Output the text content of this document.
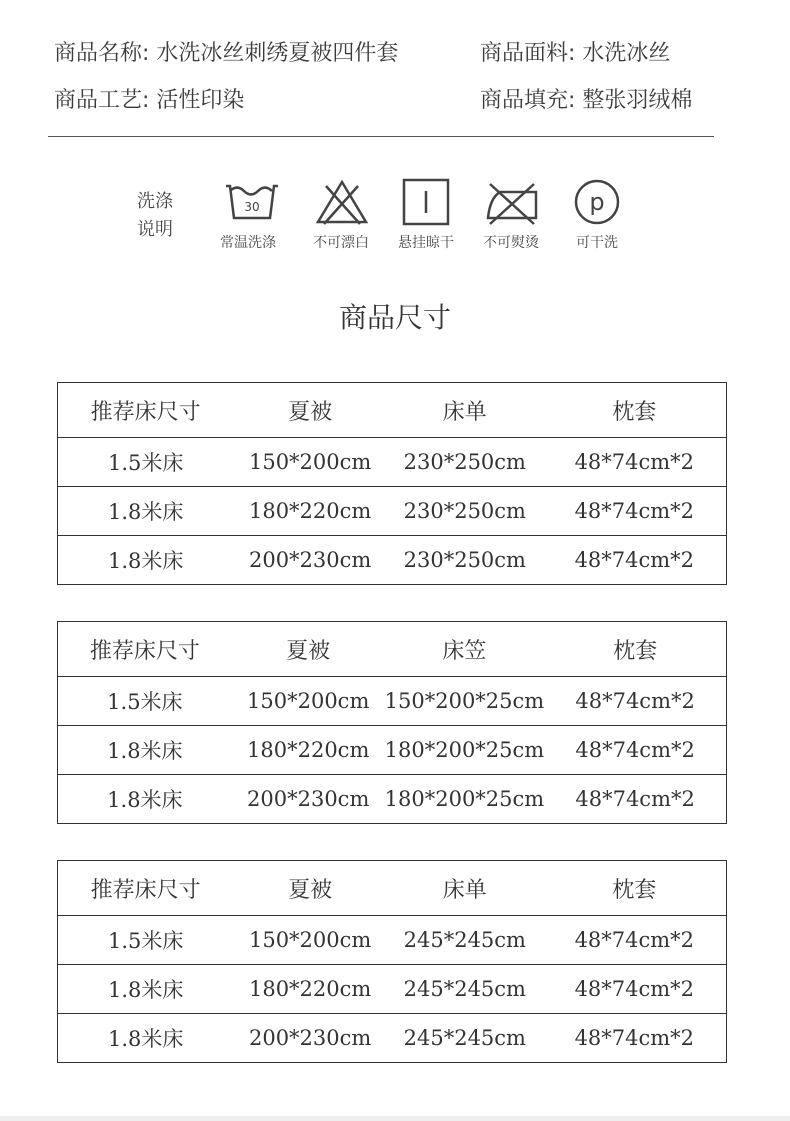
商品名称: 水洗冰丝刺绣夏被四件套	商品面料: 水洗冰丝
商品工艺: 活性印染	商品填充: 整张羽绒棉
洗涤
说明
30
常温洗涤	不可漂白	悬挂晾干	不可熨烫
p
可干洗
商品尺寸
推荐床尺寸	夏被	床单	枕套
1.5米床	150*200cm	230*250cm	48*74cm*2
1.8米床	180*220cm	230*250cm	48*74cm*2
1.8米床	200*230cm	230*250cm	48*74cm*2
推荐床尺寸	夏被	床笠	枕套
1.5米床	150*200cm	150*200*25cm	48*74cm*2
1.8米床	180*220cm	180*200*25cm	48*74cm*2
1.8米床	200*230cm	180*200*25cm	48*74cm*2
推荐床尺寸	夏被	床单	枕套
1.5米床	150*200cm	245*245cm	48*74cm*2
1.8米床	180*220cm	245*245cm	48*74cm*2
1.8米床	200*230cm	245*245cm	48*74cm*2
